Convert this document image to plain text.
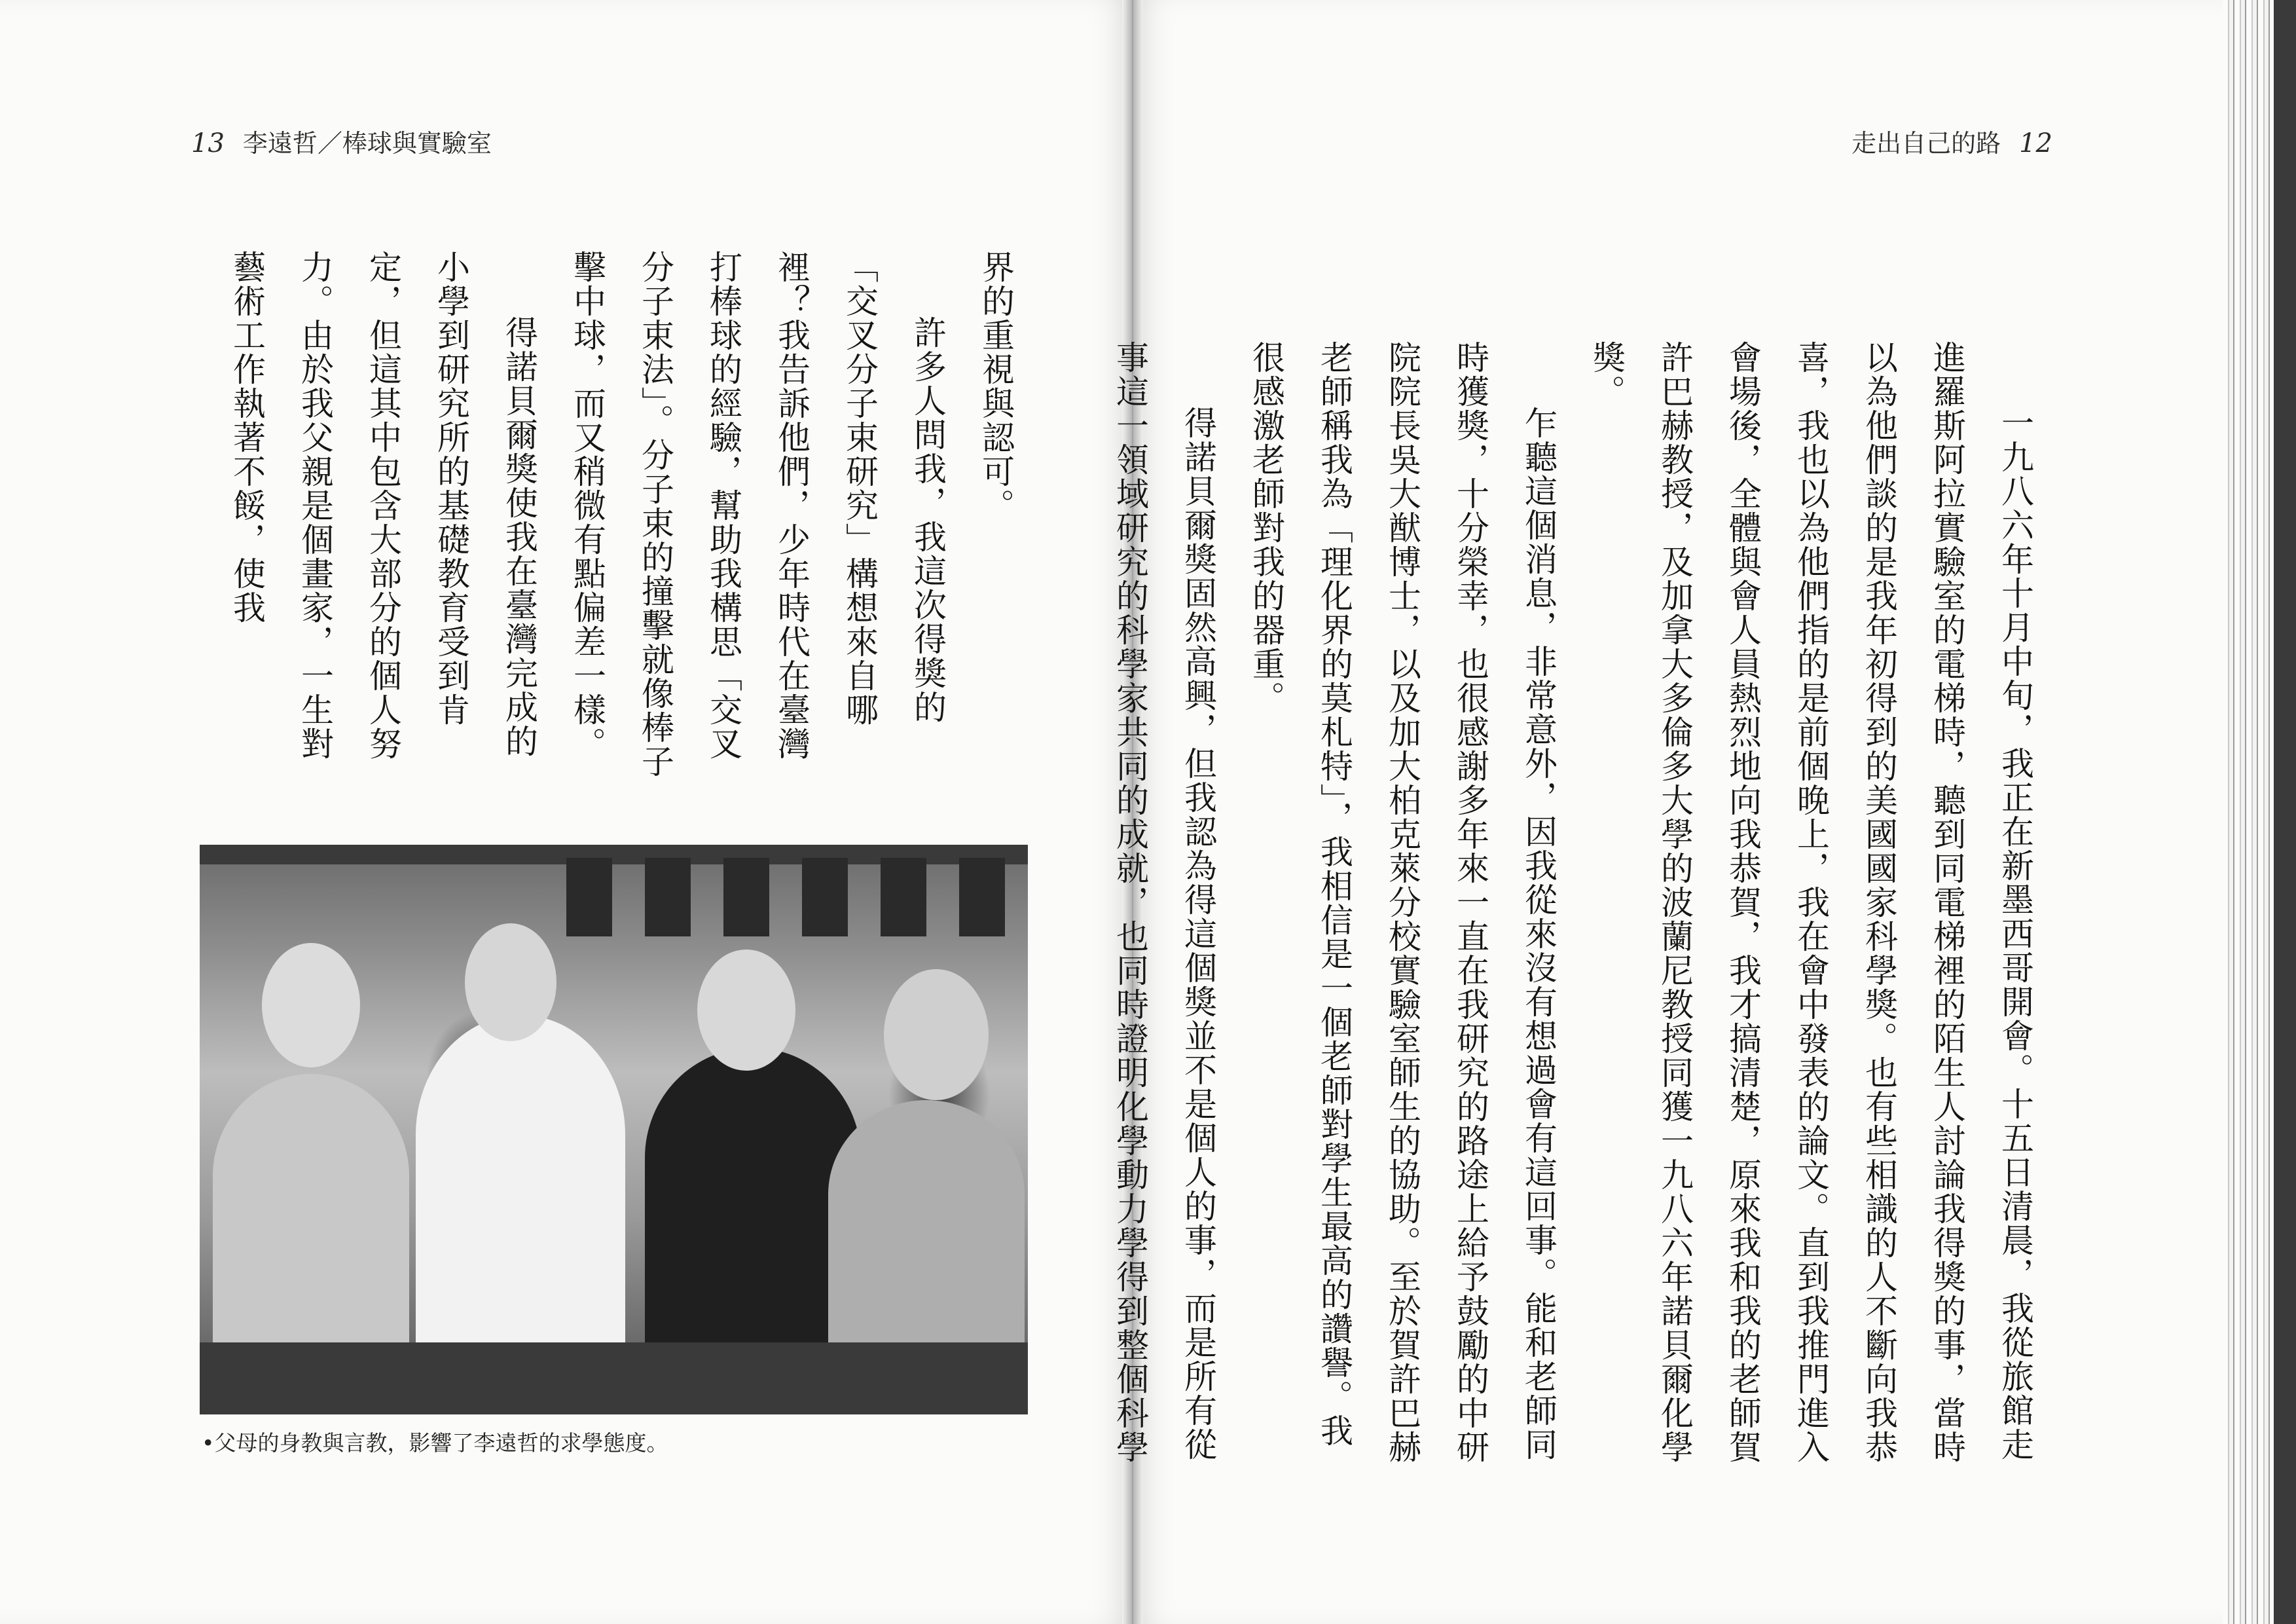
13 李遠哲／棒球與實驗室	走出自己的路 12

一九八六年十月中旬，我正在新墨西哥開會。十五日清晨，我從旅館走進羅斯阿拉實驗室的電梯時，聽到同電梯裡的陌生人討論我得獎的事，當時以為他們談的是我年初得到的美國國家科學獎。也有些相識的人不斷向我恭喜，我也以為他們指的是前個晚上，我在會中發表的論文。直到我推門進入會場後，全體與會人員熱烈地向我恭賀，我才搞清楚，原來我和我的老師賀許巴赫教授，及加拿大多倫多大學的波蘭尼教授同獲一九八六年諾貝爾化學獎。

乍聽這個消息，非常意外，因我從來沒有想過會有這回事。能和老師同時獲獎，十分榮幸，也很感謝多年來一直在我研究的路途上給予鼓勵的中研院院長吳大猷博士，以及加大柏克萊分校實驗室師生的協助。至於賀許巴赫老師稱我為「理化界的莫札特」，我相信是一個老師對學生最高的讚譽。我很感激老師對我的器重。

得諾貝爾獎固然高興，但我認為得這個獎並不是個人的事，而是所有從事這一領域研究的科學家共同的成就，也同時證明化學動力學得到整個科學

界的重視與認可。

許多人問我，我這次得獎的「交叉分子束研究」構想來自哪裡？我告訴他們，少年時代在臺灣打棒球的經驗，幫助我構思「交叉分子束法」。分子束的撞擊就像棒子擊中球，而又稍微有點偏差一樣。

得諾貝爾獎使我在臺灣完成的小學到研究所的基礎教育受到肯定，但這其中包含大部分的個人努力。由於我父親是個畫家，一生對藝術工作執著不餒，使我

•父母的身教與言教，影響了李遠哲的求學態度。
